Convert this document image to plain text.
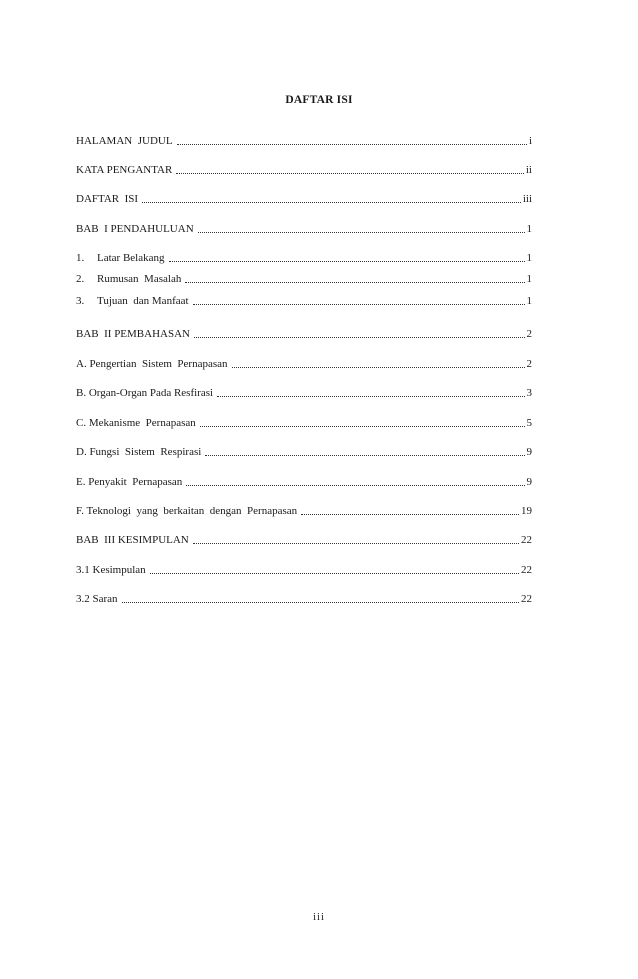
DAFTAR ISI
HALAMAN  JUDUL	i
KATA PENGANTAR	ii
DAFTAR  ISI	iii
BAB  I PENDAHULUAN	1
1.	Latar Belakang	1
2.	Rumusan  Masalah	1
3.	Tujuan  dan Manfaat	1
BAB  II PEMBAHASAN	2
A. Pengertian  Sistem  Pernapasan	2
B. Organ-Organ Pada Resfirasi	3
C. Mekanisme  Pernapasan	5
D. Fungsi  Sistem  Respirasi	9
E. Penyakit  Pernapasan	9
F. Teknologi  yang  berkaitan  dengan  Pernapasan	19
BAB  III KESIMPULAN	22
3.1 Kesimpulan	22
3.2 Saran	22
iii
